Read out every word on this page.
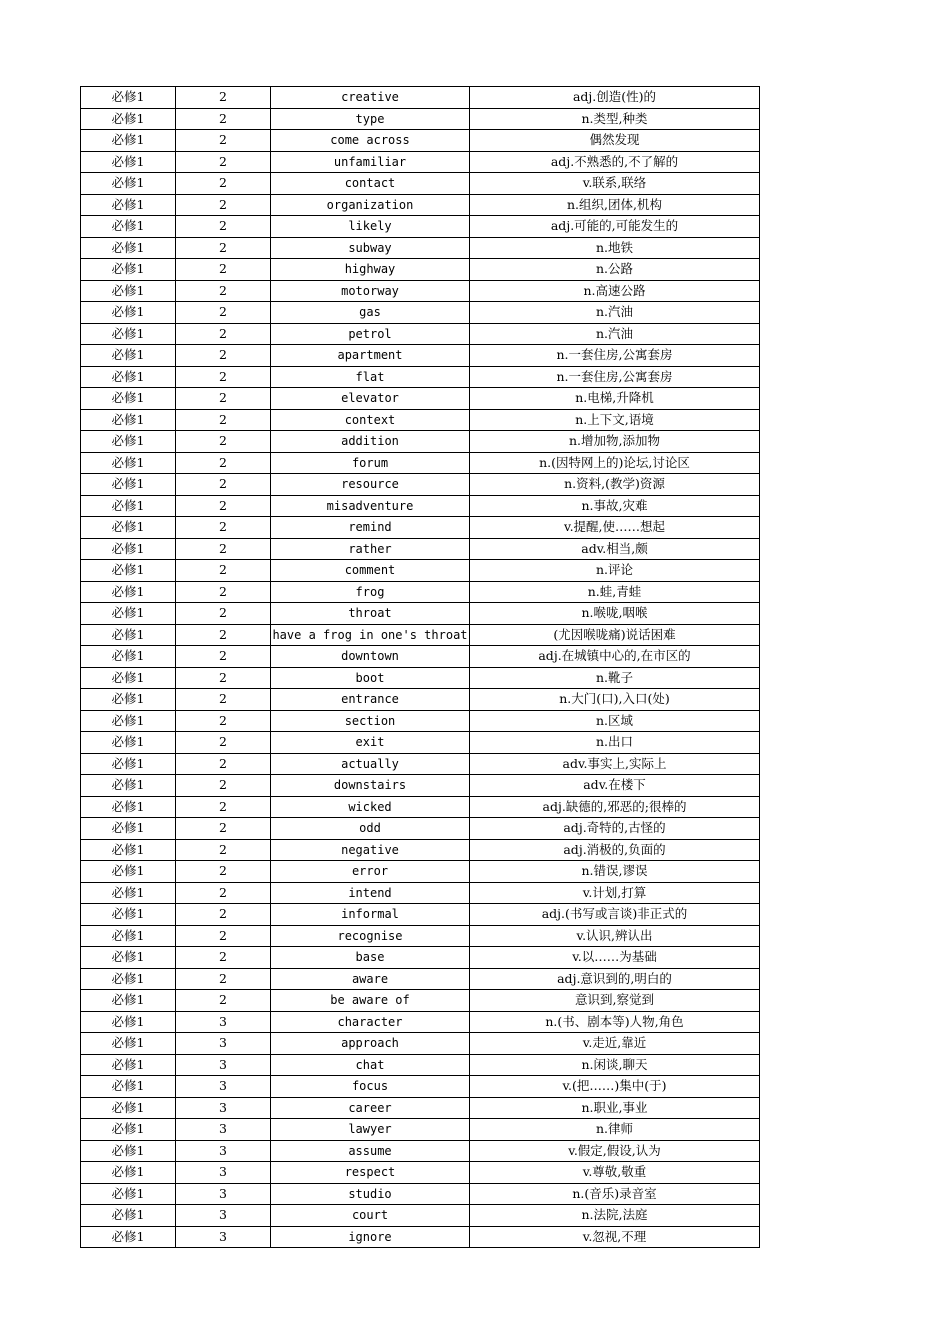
必修1	2	creative	adj.创造(性)的
必修1	2	type	n.类型,种类
必修1	2	come across	偶然发现
必修1	2	unfamiliar	adj.不熟悉的,不了解的
必修1	2	contact	v.联系,联络
必修1	2	organization	n.组织,团体,机构
必修1	2	likely	adj.可能的,可能发生的
必修1	2	subway	n.地铁
必修1	2	highway	n.公路
必修1	2	motorway	n.高速公路
必修1	2	gas	n.汽油
必修1	2	petrol	n.汽油
必修1	2	apartment	n.一套住房,公寓套房
必修1	2	flat	n.一套住房,公寓套房
必修1	2	elevator	n.电梯,升降机
必修1	2	context	n.上下文,语境
必修1	2	addition	n.增加物,添加物
必修1	2	forum	n.(因特网上的)论坛,讨论区
必修1	2	resource	n.资料,(教学)资源
必修1	2	misadventure	n.事故,灾难
必修1	2	remind	v.提醒,使……想起
必修1	2	rather	adv.相当,颇
必修1	2	comment	n.评论
必修1	2	frog	n.蛙,青蛙
必修1	2	throat	n.喉咙,咽喉
必修1	2	have a frog in one's throat	(尤因喉咙痛)说话困难
必修1	2	downtown	adj.在城镇中心的,在市区的
必修1	2	boot	n.靴子
必修1	2	entrance	n.大门(口),入口(处)
必修1	2	section	n.区域
必修1	2	exit	n.出口
必修1	2	actually	adv.事实上,实际上
必修1	2	downstairs	adv.在楼下
必修1	2	wicked	adj.缺德的,邪恶的;很棒的
必修1	2	odd	adj.奇特的,古怪的
必修1	2	negative	adj.消极的,负面的
必修1	2	error	n.错误,谬误
必修1	2	intend	v.计划,打算
必修1	2	informal	adj.(书写或言谈)非正式的
必修1	2	recognise	v.认识,辨认出
必修1	2	base	v.以……为基础
必修1	2	aware	adj.意识到的,明白的
必修1	2	be aware of	意识到,察觉到
必修1	3	character	n.(书、剧本等)人物,角色
必修1	3	approach	v.走近,靠近
必修1	3	chat	n.闲谈,聊天
必修1	3	focus	v.(把……)集中(于)
必修1	3	career	n.职业,事业
必修1	3	lawyer	n.律师
必修1	3	assume	v.假定,假设,认为
必修1	3	respect	v.尊敬,敬重
必修1	3	studio	n.(音乐)录音室
必修1	3	court	n.法院,法庭
必修1	3	ignore	v.忽视,不理
